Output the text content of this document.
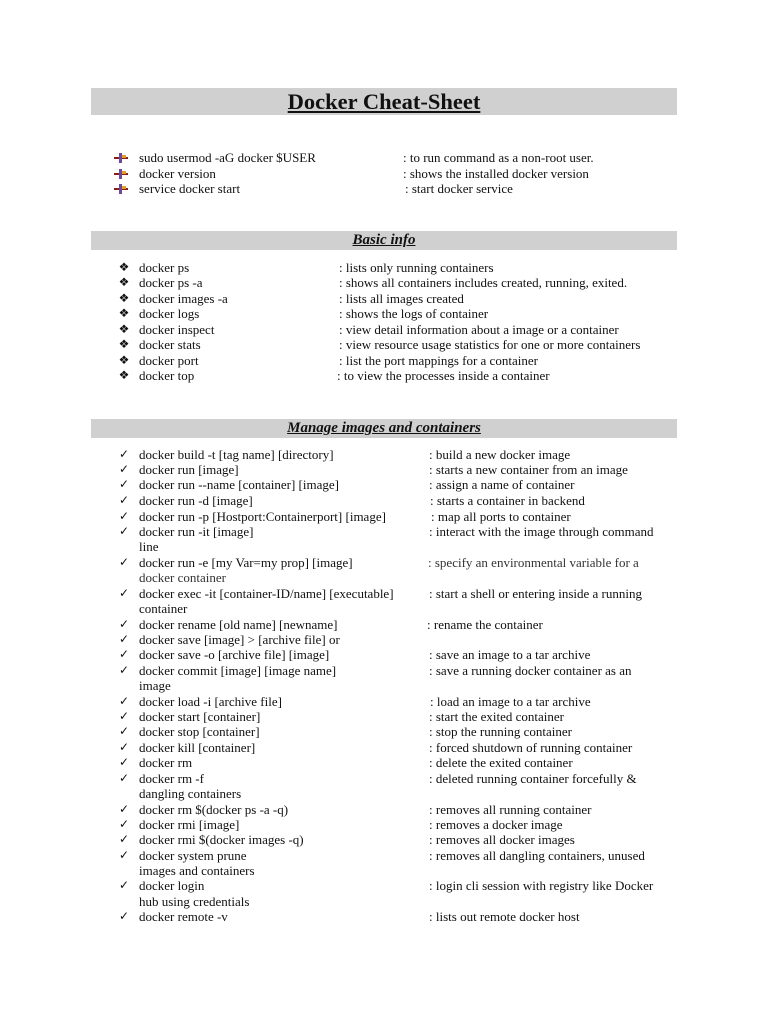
Docker Cheat-Sheet
sudo usermod -aG docker $USER	: to run command as a non-root user.
docker version	: shows the installed docker version
service docker start	: start docker service
Basic info
❖ docker ps	: lists only running containers
❖ docker ps -a	: shows all containers includes created, running, exited.
❖ docker images -a	: lists all images created
❖ docker logs	: shows the logs of container
❖ docker inspect	: view detail information about a image or a container
❖ docker stats	: view resource usage statistics for one or more containers
❖ docker port	: list the port mappings for a container
❖ docker top	: to view the processes inside a container
Manage images and containers
✓ docker build -t [tag name] [directory]	: build a new docker image
✓ docker run [image]	: starts a new container from an image
✓ docker run --name [container] [image]	: assign a name of container
✓ docker run -d [image]	: starts a container in backend
✓ docker run -p [Hostport:Containerport] [image]	: map all ports to container
✓ docker run -it [image]	: interact with the image through command
line
✓ docker run -e [my Var=my prop] [image]	: specify an environmental variable for a
docker container
✓ docker exec -it [container-ID/name] [executable]	: start a shell or entering inside a running
container
✓ docker rename [old name] [newname]	: rename the container
✓ docker save [image] > [archive file] or
✓ docker save -o [archive file] [image]	: save an image to a tar archive
✓ docker commit [image] [image name]	: save a running docker container as an
image
✓ docker load -i [archive file]	: load an image to a tar archive
✓ docker start [container]	: start the exited container
✓ docker stop [container]	: stop the running container
✓ docker kill [container]	: forced shutdown of running container
✓ docker rm	: delete the exited container
✓ docker rm -f	: deleted running container forcefully &
dangling containers
✓ docker rm $(docker ps -a -q)	: removes all running container
✓ docker rmi [image]	: removes a docker image
✓ docker rmi $(docker images -q)	: removes all docker images
✓ docker system prune	: removes all dangling containers, unused
images and containers
✓ docker login	: login cli session with registry like Docker
hub using credentials
✓ docker remote -v	: lists out remote docker host
